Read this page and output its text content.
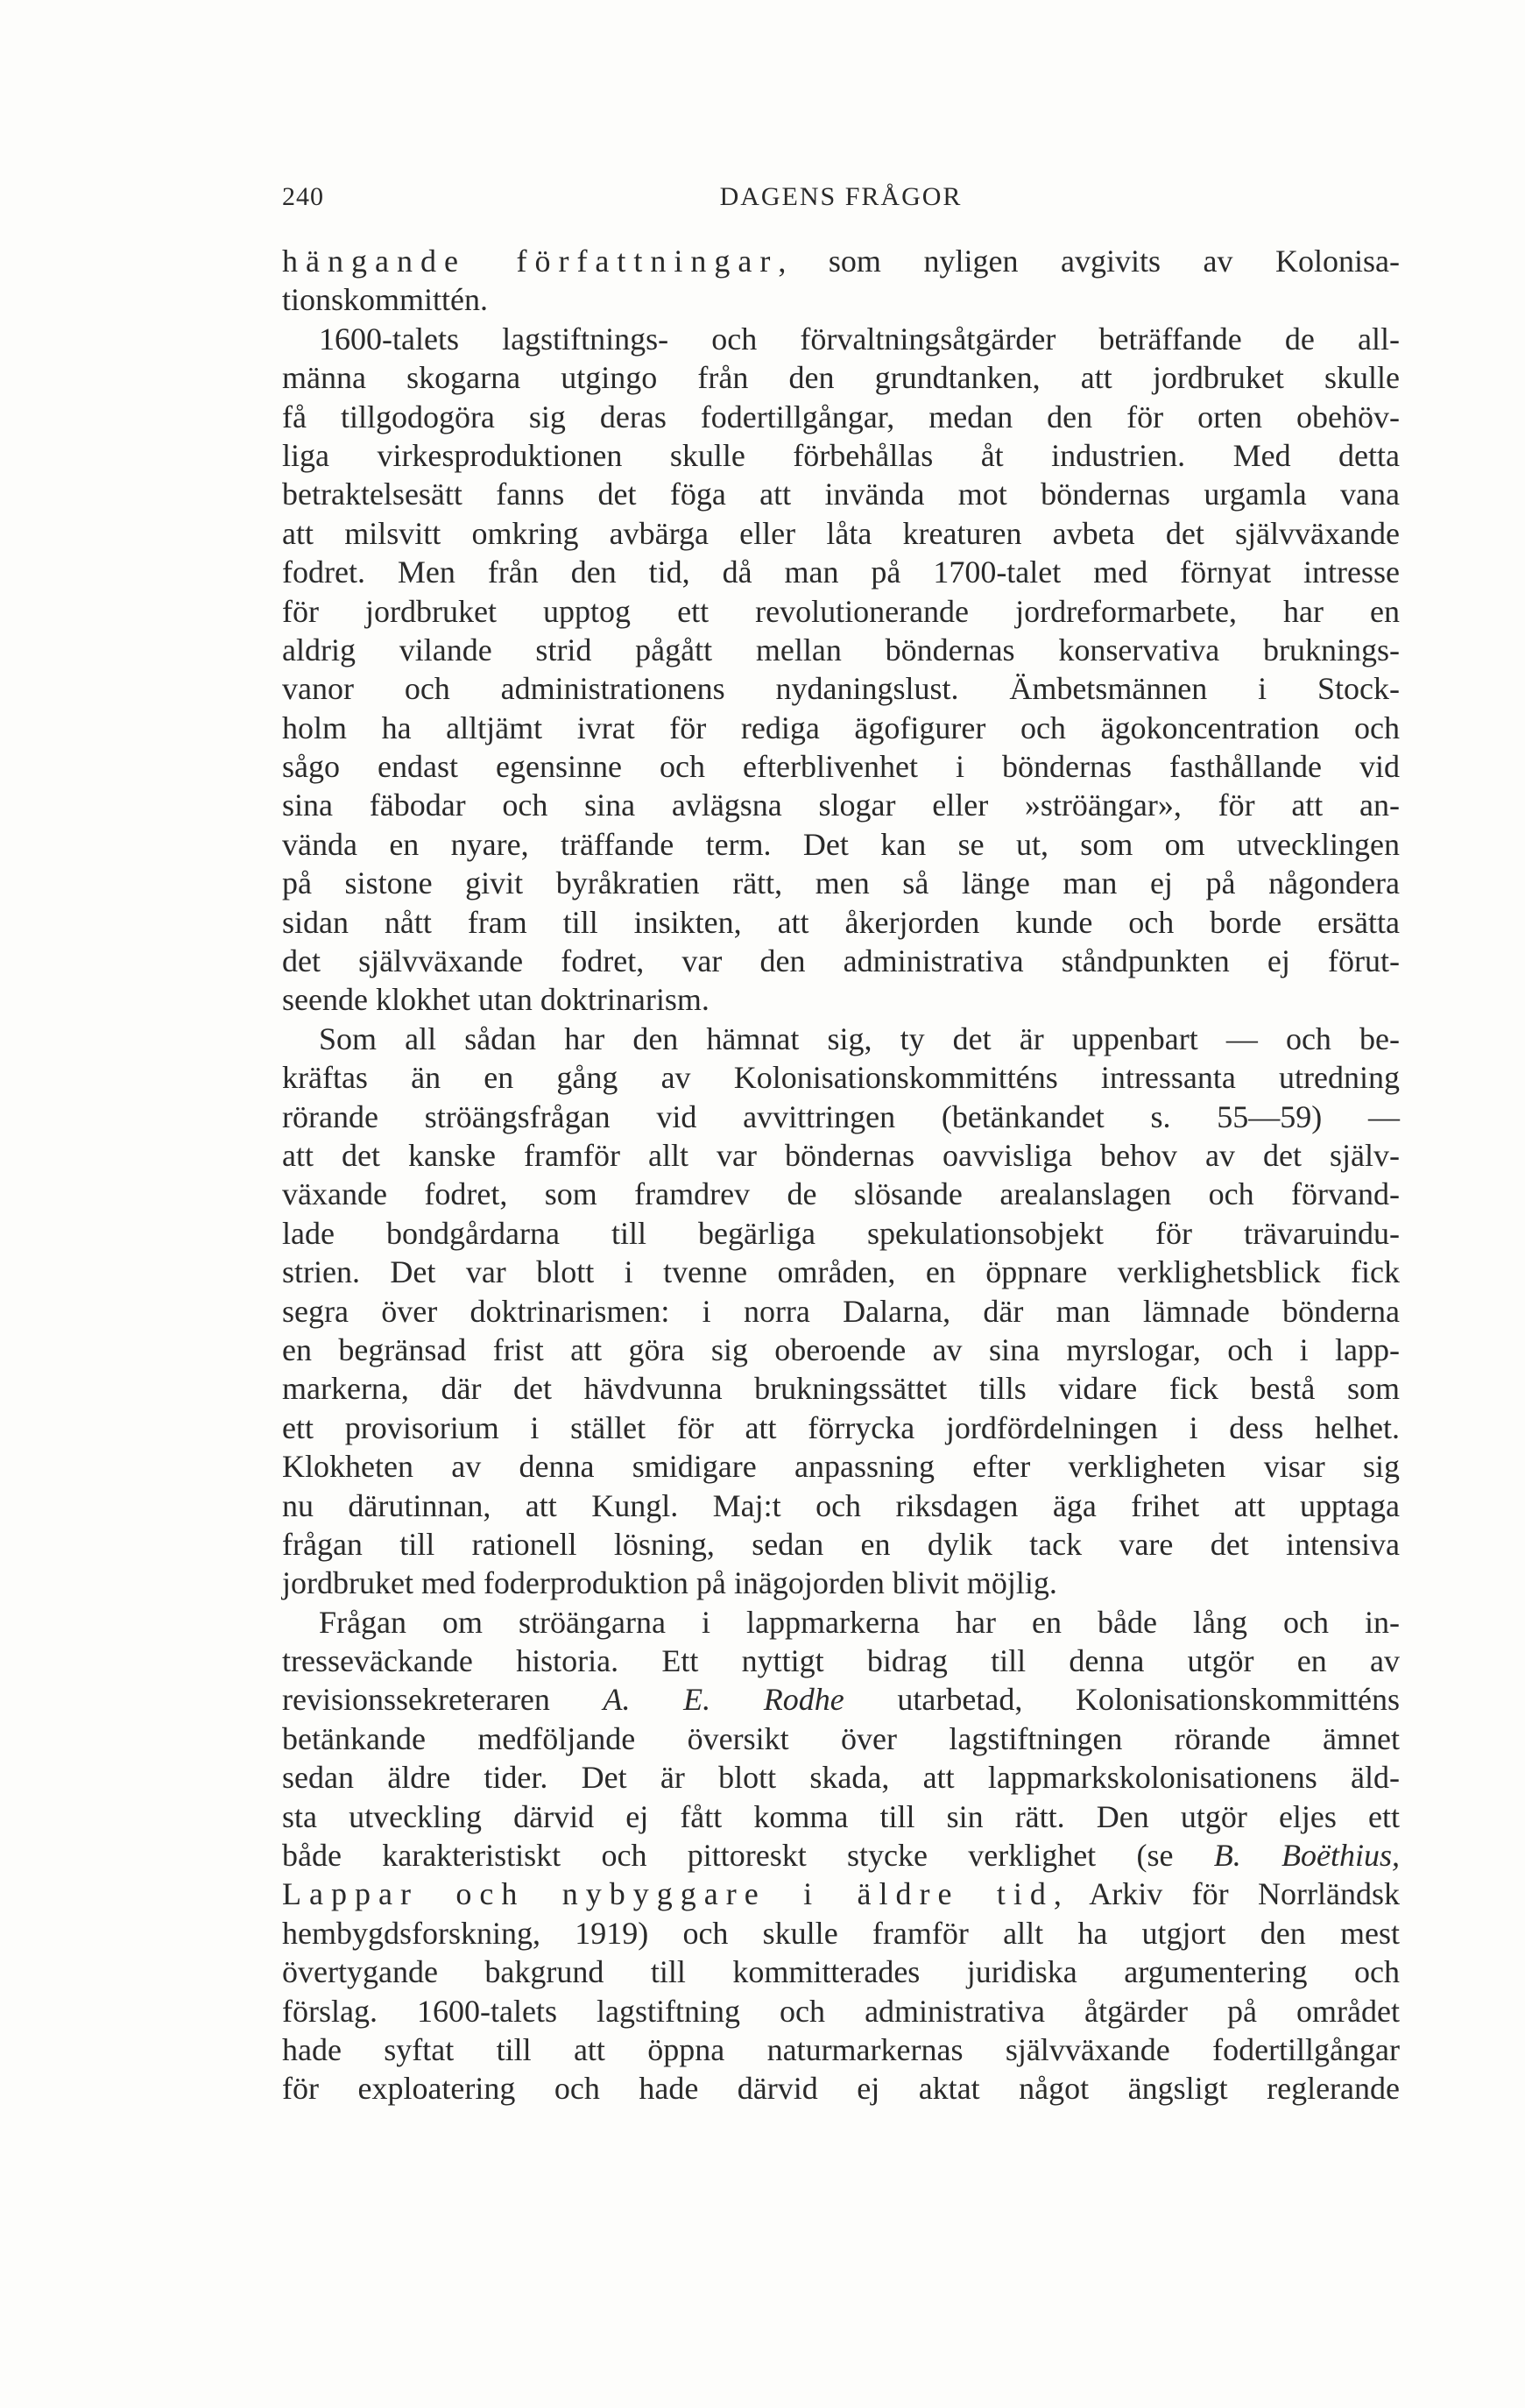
240	DAGENS FRÅGOR
hängande författningar, som nyligen avgivits av Kolonisa-
tionskommittén.
1600-talets lagstiftnings- och förvaltningsåtgärder beträffande de all-
männa skogarna utgingo från den grundtanken, att jordbruket skulle
få tillgodogöra sig deras fodertillgångar, medan den för orten obehöv-
liga virkesproduktionen skulle förbehållas åt industrien. Med detta
betraktelsesätt fanns det föga att invända mot böndernas urgamla vana
att milsvitt omkring avbärga eller låta kreaturen avbeta det självväxande
fodret. Men från den tid, då man på 1700-talet med förnyat intresse
för jordbruket upptog ett revolutionerande jordreformarbete, har en
aldrig vilande strid pågått mellan böndernas konservativa bruknings-
vanor och administrationens nydaningslust. Ämbetsmännen i Stock-
holm ha alltjämt ivrat för rediga ägofigurer och ägokoncentration och
sågo endast egensinne och efterblivenhet i böndernas fasthållande vid
sina fäbodar och sina avlägsna slogar eller »ströängar», för att an-
vända en nyare, träffande term. Det kan se ut, som om utvecklingen
på sistone givit byråkratien rätt, men så länge man ej på någondera
sidan nått fram till insikten, att åkerjorden kunde och borde ersätta
det självväxande fodret, var den administrativa ståndpunkten ej förut-
seende klokhet utan doktrinarism.
Som all sådan har den hämnat sig, ty det är uppenbart — och be-
kräftas än en gång av Kolonisationskommitténs intressanta utredning
rörande ströängsfrågan vid avvittringen (betänkandet s. 55—59) —
att det kanske framför allt var böndernas oavvisliga behov av det själv-
växande fodret, som framdrev de slösande arealanslagen och förvand-
lade bondgårdarna till begärliga spekulationsobjekt för trävaruindu-
strien. Det var blott i tvenne områden, en öppnare verklighetsblick fick
segra över doktrinarismen: i norra Dalarna, där man lämnade bönderna
en begränsad frist att göra sig oberoende av sina myrslogar, och i lapp-
markerna, där det hävdvunna brukningssättet tills vidare fick bestå som
ett provisorium i stället för att förrycka jordfördelningen i dess helhet.
Klokheten av denna smidigare anpassning efter verkligheten visar sig
nu därutinnan, att Kungl. Maj:t och riksdagen äga frihet att upptaga
frågan till rationell lösning, sedan en dylik tack vare det intensiva
jordbruket med foderproduktion på inägojorden blivit möjlig.
Frågan om ströängarna i lappmarkerna har en både lång och in-
tresseväckande historia. Ett nyttigt bidrag till denna utgör en av
revisionssekreteraren A. E. Rodhe utarbetad, Kolonisationskommitténs
betänkande medföljande översikt över lagstiftningen rörande ämnet
sedan äldre tider. Det är blott skada, att lappmarkskolonisationens äld-
sta utveckling därvid ej fått komma till sin rätt. Den utgör eljes ett
både karakteristiskt och pittoreskt stycke verklighet (se B. Boëthius,
Lappar och nybyggare i äldre tid, Arkiv för Norrländsk
hembygdsforskning, 1919) och skulle framför allt ha utgjort den mest
övertygande bakgrund till kommitterades juridiska argumentering och
förslag. 1600-talets lagstiftning och administrativa åtgärder på området
hade syftat till att öppna naturmarkernas självväxande fodertillgångar
för exploatering och hade därvid ej aktat något ängsligt reglerande
